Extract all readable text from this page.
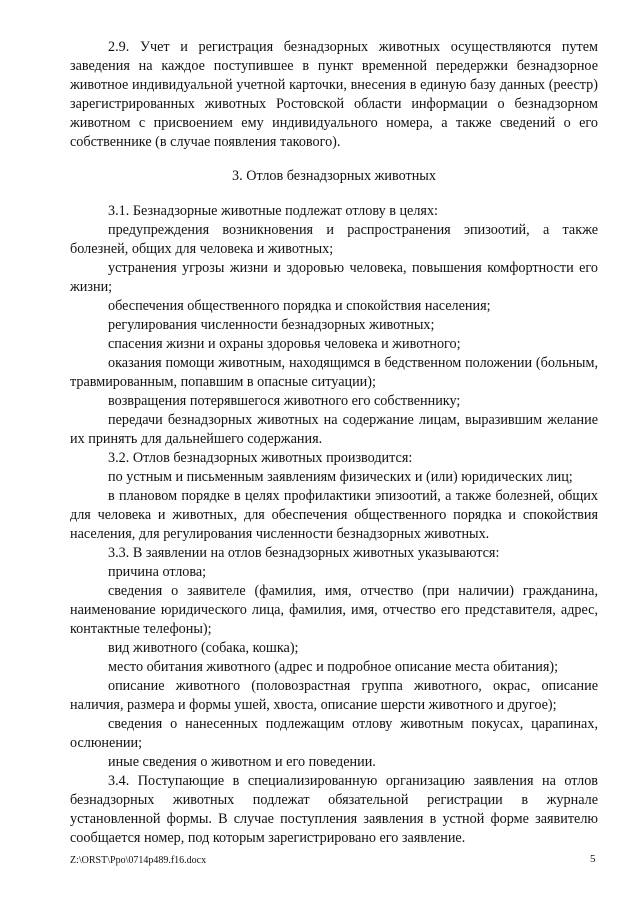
2.9. Учет и регистрация безнадзорных животных осуществляются путем заведения на каждое поступившее в пункт временной передержки безнадзорное животное индивидуальной учетной карточки, внесения в единую базу данных (реестр) зарегистрированных животных Ростовской области информации о безнадзорном животном с присвоением ему индивидуального номера, а также сведений о его собственнике (в случае появления такового).

3. Отлов безнадзорных животных

3.1. Безнадзорные животные подлежат отлову в целях:

предупреждения возникновения и распространения эпизоотий, а также болезней, общих для человека и животных;

устранения угрозы жизни и здоровью человека, повышения комфортности его жизни;

обеспечения общественного порядка и спокойствия населения;

регулирования численности безнадзорных животных;

спасения жизни и охраны здоровья человека и животного;

оказания помощи животным, находящимся в бедственном положении (больным, травмированным, попавшим в опасные ситуации);

возвращения потерявшегося животного его собственнику;

передачи безнадзорных животных на содержание лицам, выразившим желание их принять для дальнейшего содержания.

3.2. Отлов безнадзорных животных производится:

по устным и письменным заявлениям физических и (или) юридических лиц;

в плановом порядке в целях профилактики эпизоотий, а также болезней, общих для человека и животных, для обеспечения общественного порядка и спокойствия населения, для регулирования численности безнадзорных животных.

3.3. В заявлении на отлов безнадзорных животных указываются:

причина отлова;

сведения о заявителе (фамилия, имя, отчество (при наличии) гражданина, наименование юридического лица, фамилия, имя, отчество его представителя, адрес, контактные телефоны);

вид животного (собака, кошка);

место обитания животного (адрес и подробное описание места обитания);

описание животного (половозрастная группа животного, окрас, описание наличия, размера и формы ушей, хвоста, описание шерсти животного и другое);

сведения о нанесенных подлежащим отлову животным покусах, царапинах, ослюнении;

иные сведения о животном и его поведении.

3.4. Поступающие в специализированную организацию заявления на отлов безнадзорных животных подлежат обязательной регистрации в журнале установленной формы. В случае поступления заявления в устной форме заявителю сообщается номер, под которым зарегистрировано его заявление.

Z:\ORST\Ppo\0714p489.f16.docx	5
